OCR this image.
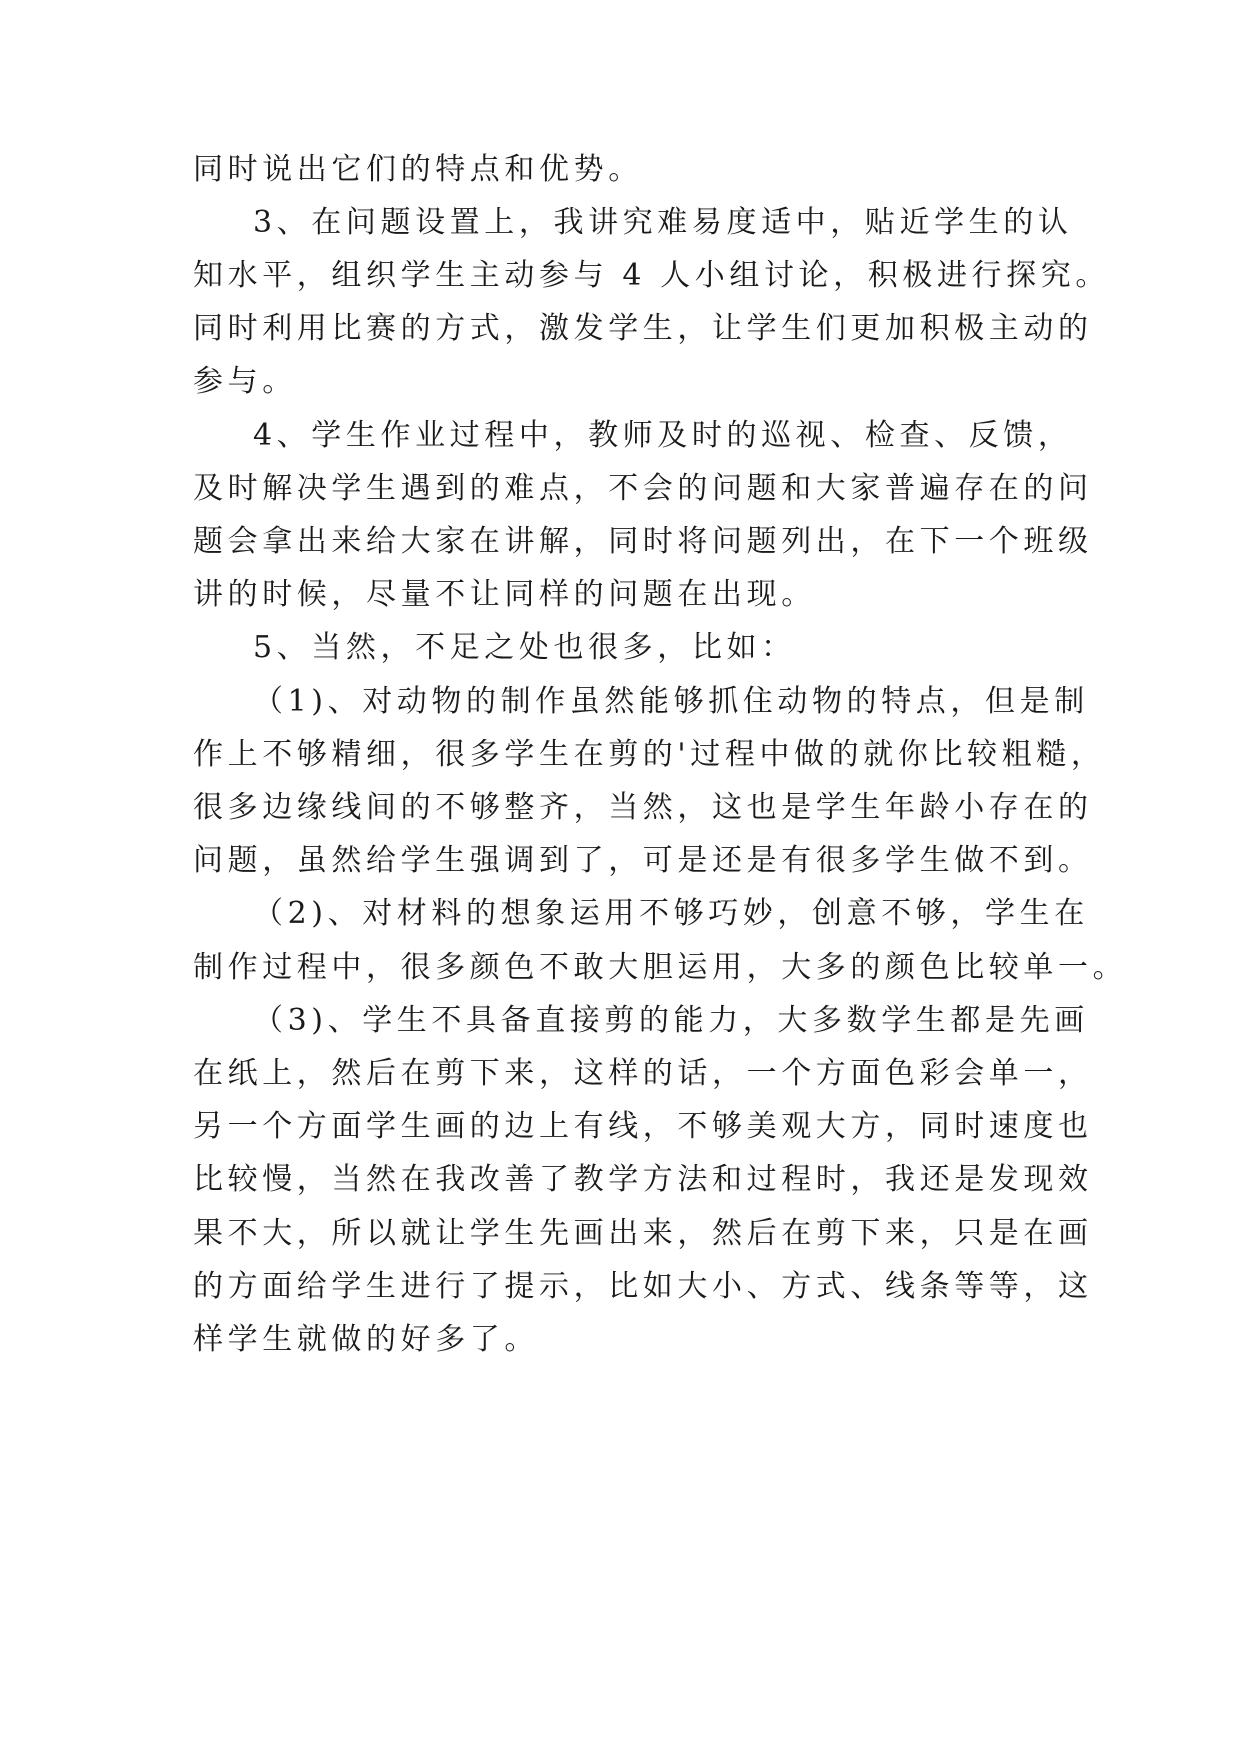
同时说出它们的特点和优势。

3、在问题设置上，我讲究难易度适中，贴近学生的认

知水平，组织学生主动参与 4 人小组讨论，积极进行探究。

同时利用比赛的方式，激发学生，让学生们更加积极主动的

参与。

4、学生作业过程中，教师及时的巡视、检查、反馈，

及时解决学生遇到的难点，不会的问题和大家普遍存在的问

题会拿出来给大家在讲解，同时将问题列出，在下一个班级

讲的时候，尽量不让同样的问题在出现。

5、当然，不足之处也很多，比如：

（1)、对动物的制作虽然能够抓住动物的特点，但是制

作上不够精细，很多学生在剪的'过程中做的就你比较粗糙，

很多边缘线间的不够整齐，当然，这也是学生年龄小存在的

问题，虽然给学生强调到了，可是还是有很多学生做不到。

（2)、对材料的想象运用不够巧妙，创意不够，学生在

制作过程中，很多颜色不敢大胆运用，大多的颜色比较单一。

（3)、学生不具备直接剪的能力，大多数学生都是先画

在纸上，然后在剪下来，这样的话，一个方面色彩会单一，

另一个方面学生画的边上有线，不够美观大方，同时速度也

比较慢，当然在我改善了教学方法和过程时，我还是发现效

果不大，所以就让学生先画出来，然后在剪下来，只是在画

的方面给学生进行了提示，比如大小、方式、线条等等，这

样学生就做的好多了。
